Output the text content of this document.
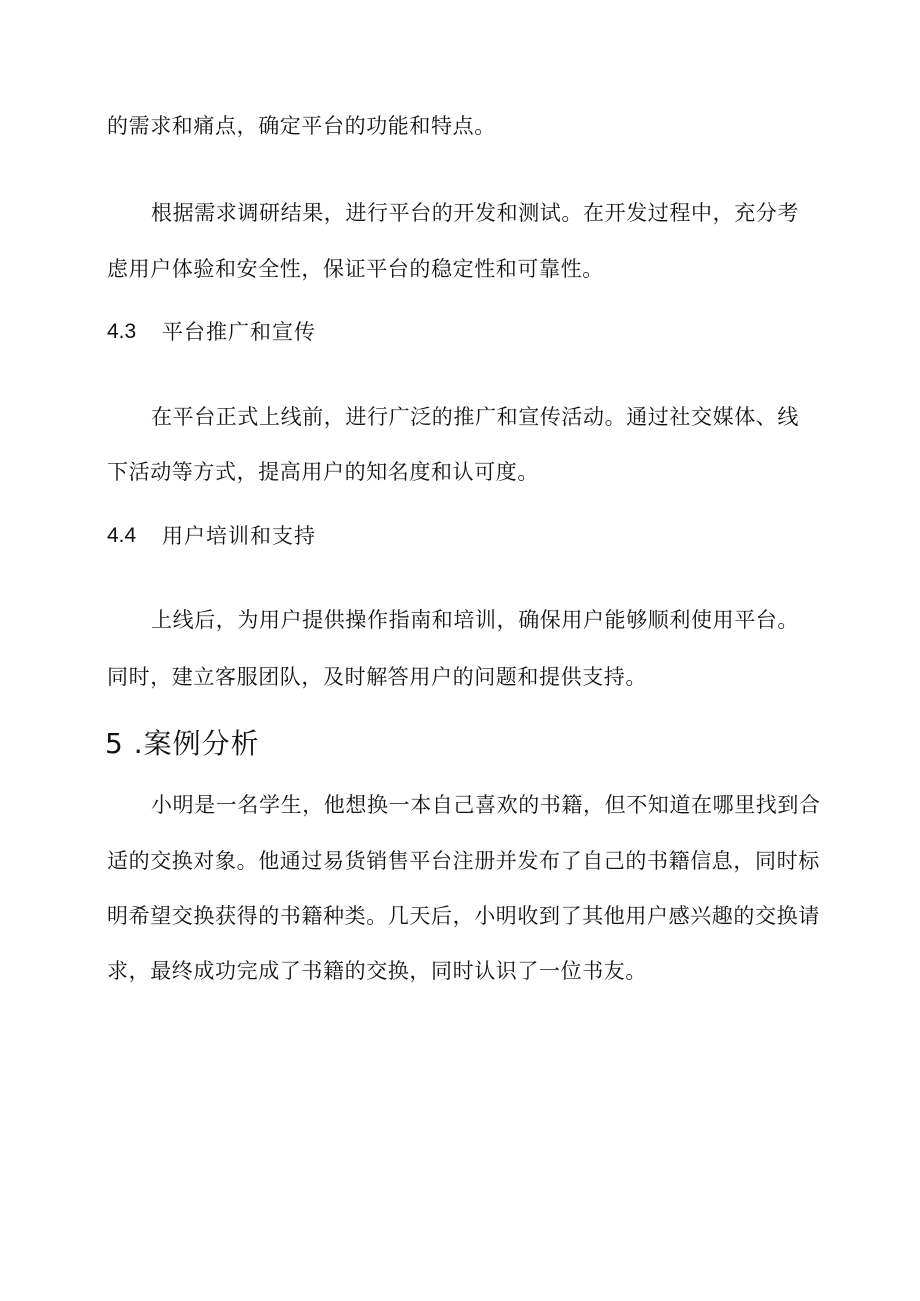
的需求和痛点，确定平台的功能和特点。
根据需求调研结果，进行平台的开发和测试。在开发过程中，充分考
虑用户体验和安全性，保证平台的稳定性和可靠性。
4.3 平台推广和宣传
在平台正式上线前，进行广泛的推广和宣传活动。通过社交媒体、线
下活动等方式，提高用户的知名度和认可度。
4.4 用户培训和支持
上线后，为用户提供操作指南和培训，确保用户能够顺利使用平台。
同时，建立客服团队，及时解答用户的问题和提供支持。
5 .案例分析
小明是一名学生，他想换一本自己喜欢的书籍，但不知道在哪里找到合
适的交换对象。他通过易货销售平台注册并发布了自己的书籍信息，同时标
明希望交换获得的书籍种类。几天后，小明收到了其他用户感兴趣的交换请
求，最终成功完成了书籍的交换，同时认识了一位书友。
